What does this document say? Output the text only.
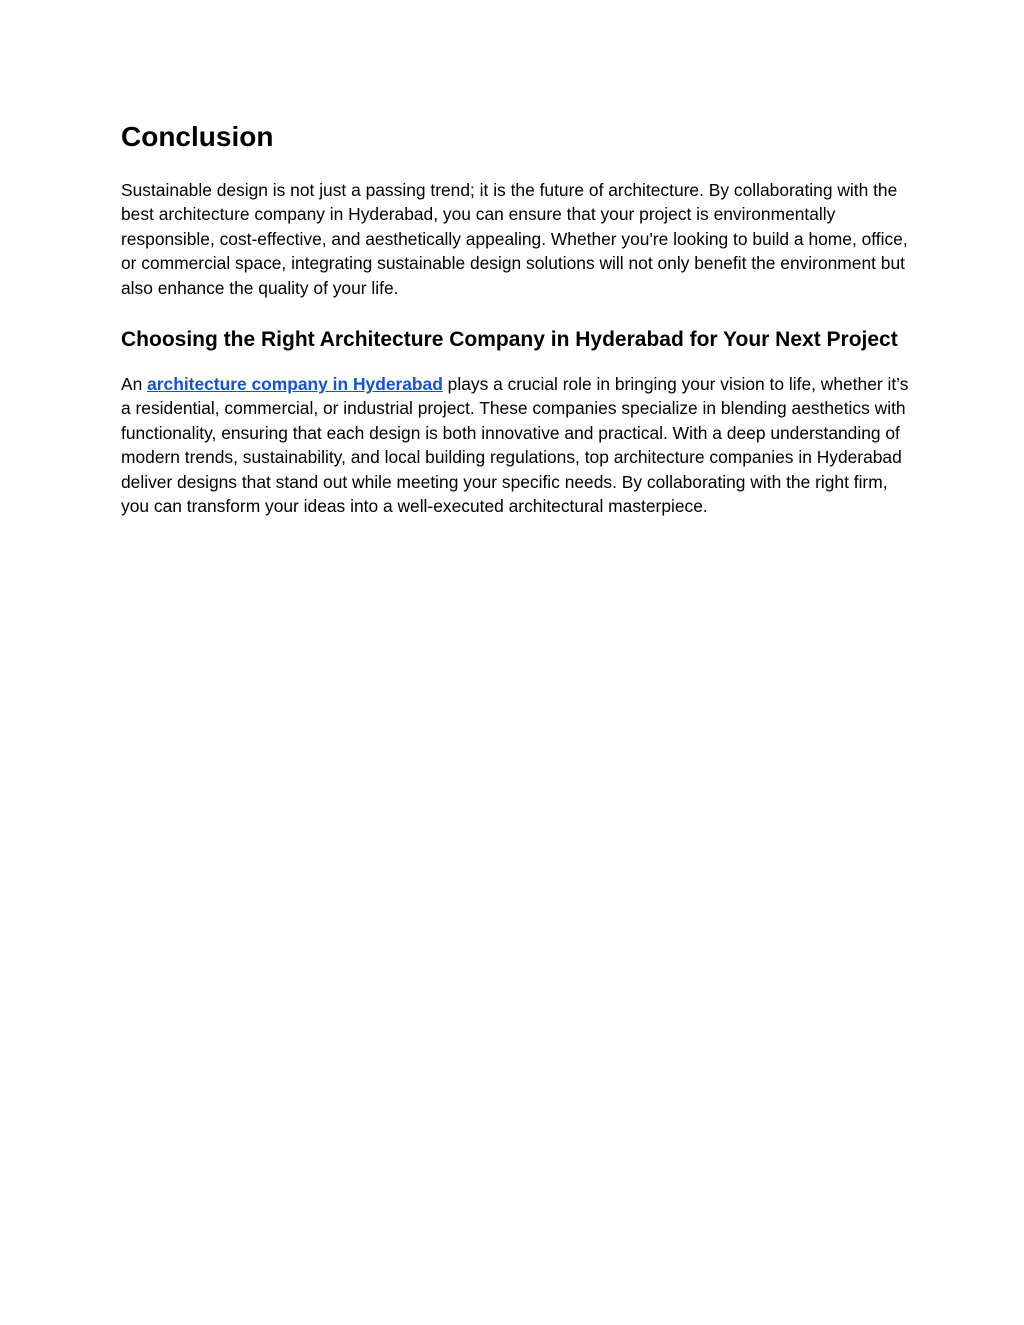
Conclusion

Sustainable design is not just a passing trend; it is the future of architecture. By collaborating with the best architecture company in Hyderabad, you can ensure that your project is environmentally responsible, cost-effective, and aesthetically appealing. Whether you're looking to build a home, office, or commercial space, integrating sustainable design solutions will not only benefit the environment but also enhance the quality of your life.

Choosing the Right Architecture Company in Hyderabad for Your Next Project

An architecture company in Hyderabad plays a crucial role in bringing your vision to life, whether it’s a residential, commercial, or industrial project. These companies specialize in blending aesthetics with functionality, ensuring that each design is both innovative and practical. With a deep understanding of modern trends, sustainability, and local building regulations, top architecture companies in Hyderabad deliver designs that stand out while meeting your specific needs. By collaborating with the right firm, you can transform your ideas into a well-executed architectural masterpiece.
